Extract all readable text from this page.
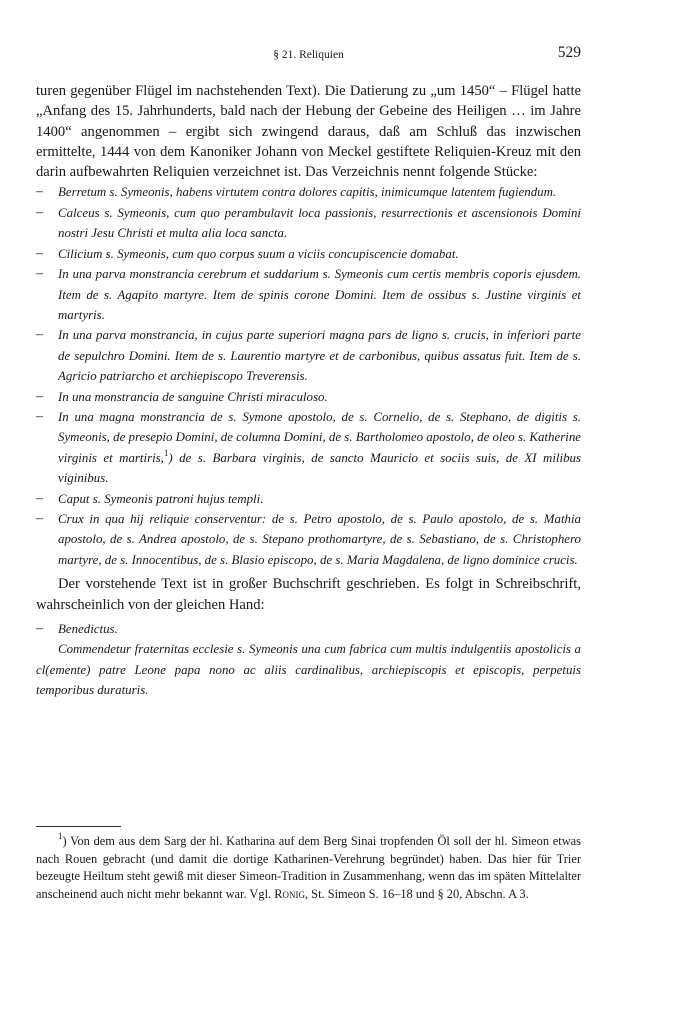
§ 21. Reliquien	529

turen gegenüber Flügel im nachstehenden Text). Die Datierung zu „um 1450“ – Flügel hatte „Anfang des 15. Jahrhunderts, bald nach der Hebung der Gebeine des Heiligen … im Jahre 1400“ angenommen – ergibt sich zwingend daraus, daß am Schluß das inzwischen ermittelte, 1444 von dem Kanoniker Johann von Meckel gestiftete Reliquien-Kreuz mit den darin aufbewahrten Reliquien verzeichnet ist. Das Verzeichnis nennt folgende Stücke:

– Berretum s. Symeonis, habens virtutem contra dolores capitis, inimicumque latentem fugiendum.
– Calceus s. Symeonis, cum quo perambulavit loca passionis, resurrectionis et ascensionois Domini nostri Jesu Christi et multa alia loca sancta.
– Cilicium s. Symeonis, cum quo corpus suum a viciis concupiscencie domabat.
– In una parva monstrancia cerebrum et suddarium s. Symeonis cum certis membris coporis ejusdem. Item de s. Agapito martyre. Item de spinis corone Domini. Item de ossibus s. Justine virginis et martyris.
– In una parva monstrancia, in cujus parte superiori magna pars de ligno s. crucis, in inferiori parte de sepulchro Domini. Item de s. Laurentio martyre et de carbonibus, quibus assatus fuit. Item de s. Agricio patriarcho et archiepiscopo Treverensis.
– In una monstrancia de sanguine Christi miraculoso.
– In una magna monstrancia de s. Symone apostolo, de s. Cornelio, de s. Stephano, de digitis s. Symeonis, de presepio Domini, de columna Domini, de s. Bartholomeo apostolo, de oleo s. Katherine virginis et martiris,$^1$) de s. Barbara virginis, de sancto Mauricio et sociis suis, de XI milibus viginibus.
– Caput s. Symeonis patroni hujus templi.
– Crux in qua hij reliquie conserventur: de s. Petro apostolo, de s. Paulo apostolo, de s. Mathia apostolo, de s. Andrea apostolo, de s. Stepano prothomartyre, de s. Sebastiano, de s. Christophero martyre, de s. Innocentibus, de s. Blasio episcopo, de s. Maria Magdalena, de ligno dominice crucis.

Der vorstehende Text ist in großer Buchschrift geschrieben. Es folgt in Schreibschrift, wahrscheinlich von der gleichen Hand:

– Benedictus.

Commendetur fraternitas ecclesie s. Symeonis una cum fabrica cum multis indulgentiis apostolicis a cl(emente) patre Leone papa nono ac aliis cardinalibus, archiepiscopis et episcopis, perpetuis temporibus duraturis.

$^1$) Von dem aus dem Sarg der hl. Katharina auf dem Berg Sinai tropfenden Öl soll der hl. Simeon etwas nach Rouen gebracht (und damit die dortige Katharinen-Verehrung begründet) haben. Das hier für Trier bezeugte Heiltum steht gewiß mit dieser Simeon-Tradition in Zusammenhang, wenn das im späten Mittelalter anscheinend auch nicht mehr bekannt war. Vgl. Ronig, St. Simeon S. 16–18 und § 20, Abschn. A 3.
